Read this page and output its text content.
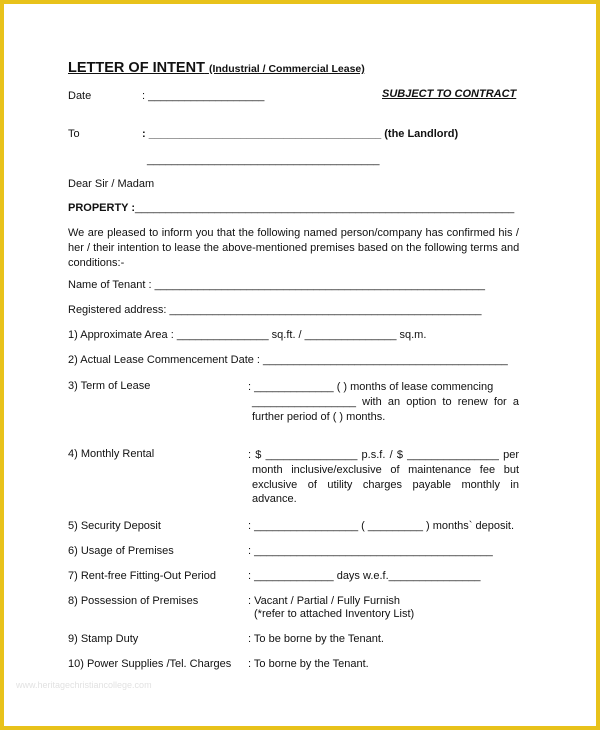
LETTER OF INTENT (Industrial / Commercial Lease)
Date	: ___________________	SUBJECT TO CONTRACT
To	: ______________________________________ (the Landlord)
______________________________________
Dear Sir / Madam
PROPERTY : ______________________________________________________________
We are pleased to inform you that the following named person/company has confirmed his /
her / their intention to lease the above-mentioned premises based on the following terms and
conditions:-
Name of Tenant : ______________________________________________________
Registered address: ___________________________________________________
1) Approximate Area : _______________ sq.ft. / _______________ sq.m.
2) Actual Lease Commencement Date : ________________________________________
3) Term of Lease	: _____________ ( ) months of lease commencing
_________________ with an option to renew for a
further period of ( ) months.
4) Monthly Rental	: $ _______________ p.s.f. / $ _______________ per
month inclusive/exclusive of maintenance fee but
exclusive of utility charges payable monthly in
advance.
5) Security Deposit	: _________________ ( _________ ) months` deposit.
6) Usage of Premises	: _______________________________________
7) Rent-free Fitting-Out Period	: _____________ days w.e.f._______________
8) Possession of Premises	: Vacant / Partial / Fully Furnish
(*refer to attached Inventory List)
9) Stamp Duty	: To be borne by the Tenant.
10) Power Supplies /Tel. Charges : To borne by the Tenant.
www.heritagechristiancollege.com
